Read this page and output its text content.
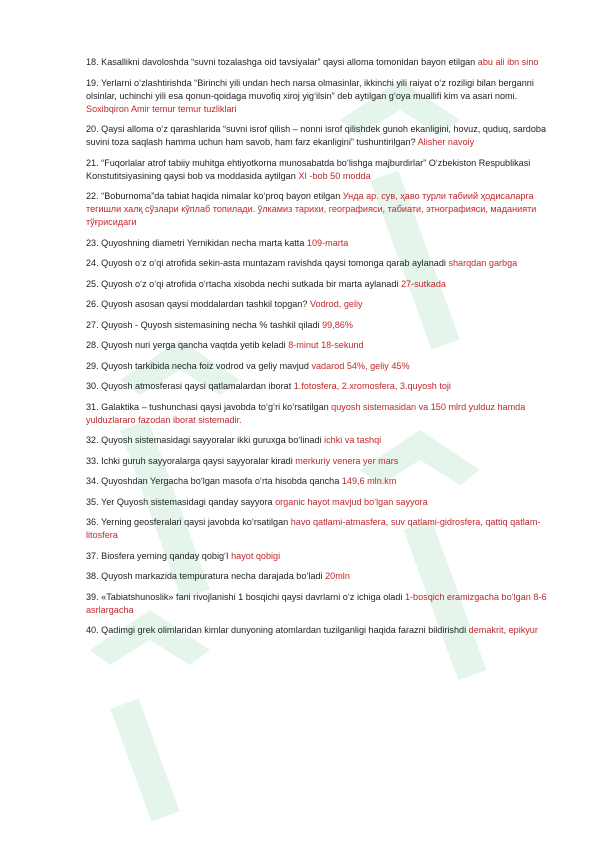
18. Kasallikni davoloshda “suvni tozalashga oid tavsiyalar” qaysi alloma tomonidan bayon etilgan abu ali ibn sino

19. Yerlarni o‘zlashtirishda “Birinchi yili undan hech narsa olmasinlar, ikkinchi yili raiyat o‘z roziligi bilan berganni olsinlar, uchinchi yili esa qonun-qoidaga muvofiq xiroj yig‘ilsin” deb aytilgan g‘oya muallifi kim va asari nomi. Soxibqiron Amir temur temur tuzliklari

20. Qaysi alloma o‘z qarashlarida “suvni isrof qilish – nonni isrof qilishdek gunoh ekanligini, hovuz, quduq, sardoba suvini toza saqlash hamma uchun ham savob, ham farz ekanligini” tushuntirilgan? Alisher navoiy

21. “Fuqorlalar atrof tabiiy muhitga ehtiyotkorna munosabatda bo‘lishga majburdirlar” O‘zbekiston Respublikasi Konstutitsiyasining qaysi bob va moddasida aytilgan XI -bob 50 modda

22. “Boburnoma”da tabiat haqida nimalar ko‘proq bayon etilgan Унда ар. сув, ҳаво турли табиий ҳодисаларга тегишли халқ сўзлари кўплаб топилади. ўлкамиз тарихи, географияси, табиати, этнографияси, маданияти тўғрисидаги

23. Quyoshning diametri Yernikidan necha marta katta 109-marta

24. Quyosh o‘z o‘qi atrofida sekin-asta muntazam ravishda qaysi tomonga qarab aylanadi sharqdan garbga

25. Quyosh o‘z o‘qi atrofida o‘rtacha xisobda nechi sutkada bir marta aylanadi 27-sutkada

26. Quyosh asosan qaysi moddalardan tashkil topgan? Vodrod, geliy

27. Quyosh - Quyosh sistemasining necha % tashkil qiladi 99,86%

28. Quyosh nuri yerga qancha vaqtda yetib keladi 8-minut 18-sekund

29. Quyosh tarkibida necha foiz vodrod va geliy mavjud vadarod 54%, geliy 45%

30. Quyosh atmosferasi qaysi qatlamalardan iborat 1.fotosfera, 2.xromosfera, 3.quyosh toji

31. Galaktika – tushunchasi qaysi javobda to‘g‘ri ko‘rsatilgan quyosh sistemasidan va 150 mlrd yulduz hamda yulduzlararo fazodan iborat sistemadir.

32. Quyosh sistemasidagi sayyoralar ikki guruxga bo‘linadi ichki va tashqi

33. Ichki guruh sayyoralarga qaysi sayyoralar kiradi merkuriy venera yer mars

34. Quyoshdan Yergacha bo‘lgan masofa o‘rta hisobda qancha 149,6 mln.km

35. Yer Quyosh sistemasidagi qanday sayyora organic hayot mavjud bo‘lgan sayyora

36. Yerning geosferalari qaysi javobda ko‘rsatilgan havo qatlami-atmasfera, suv qatlami-gidrosfera, qattiq qatlam-litosfera

37. Biosfera yerning qanday qobig‘I hayot qobigi

38. Quyosh markazida tempuratura necha darajada bo‘ladi 20mln

39. «Tabiatshunoslik» fani rivojlanishi 1 bosqichi qaysi davrlarni o‘z ichiga oladi 1-bosqich eramizgacha bo‘lgan 8-6 asrlargacha

40. Qadimgi grek olimlaridan kimlar dunyoning atomlardan tuzilganligi haqida farazni bildirishdi demakrit, epikyur
